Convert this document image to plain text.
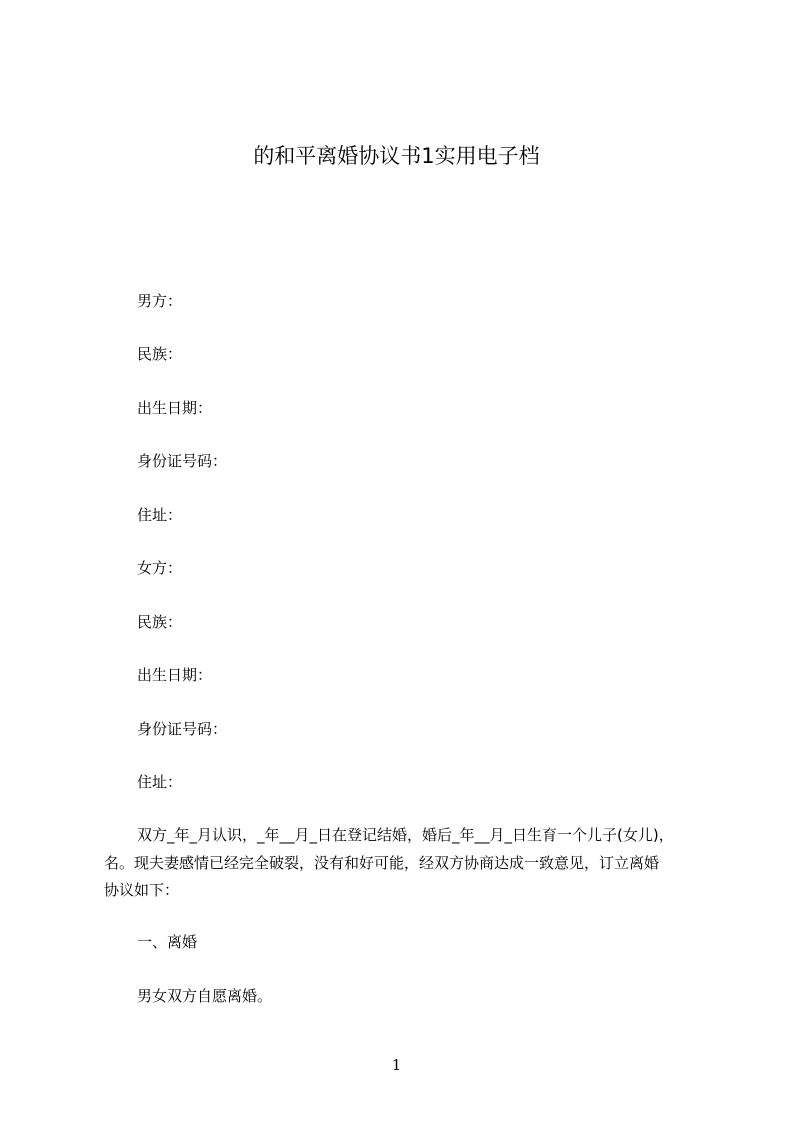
的和平离婚协议书1实用电子档
男方：
民族：
出生日期：
身份证号码：
住址：
女方：
民族：
出生日期：
身份证号码：
住址：
双方_年_月认识，_年__月_日在登记结婚，婚后_年__月_日生育一个儿子(女儿)，
名。现夫妻感情已经完全破裂，没有和好可能，经双方协商达成一致意见，订立离婚
协议如下：
一、离婚
男女双方自愿离婚。
1
